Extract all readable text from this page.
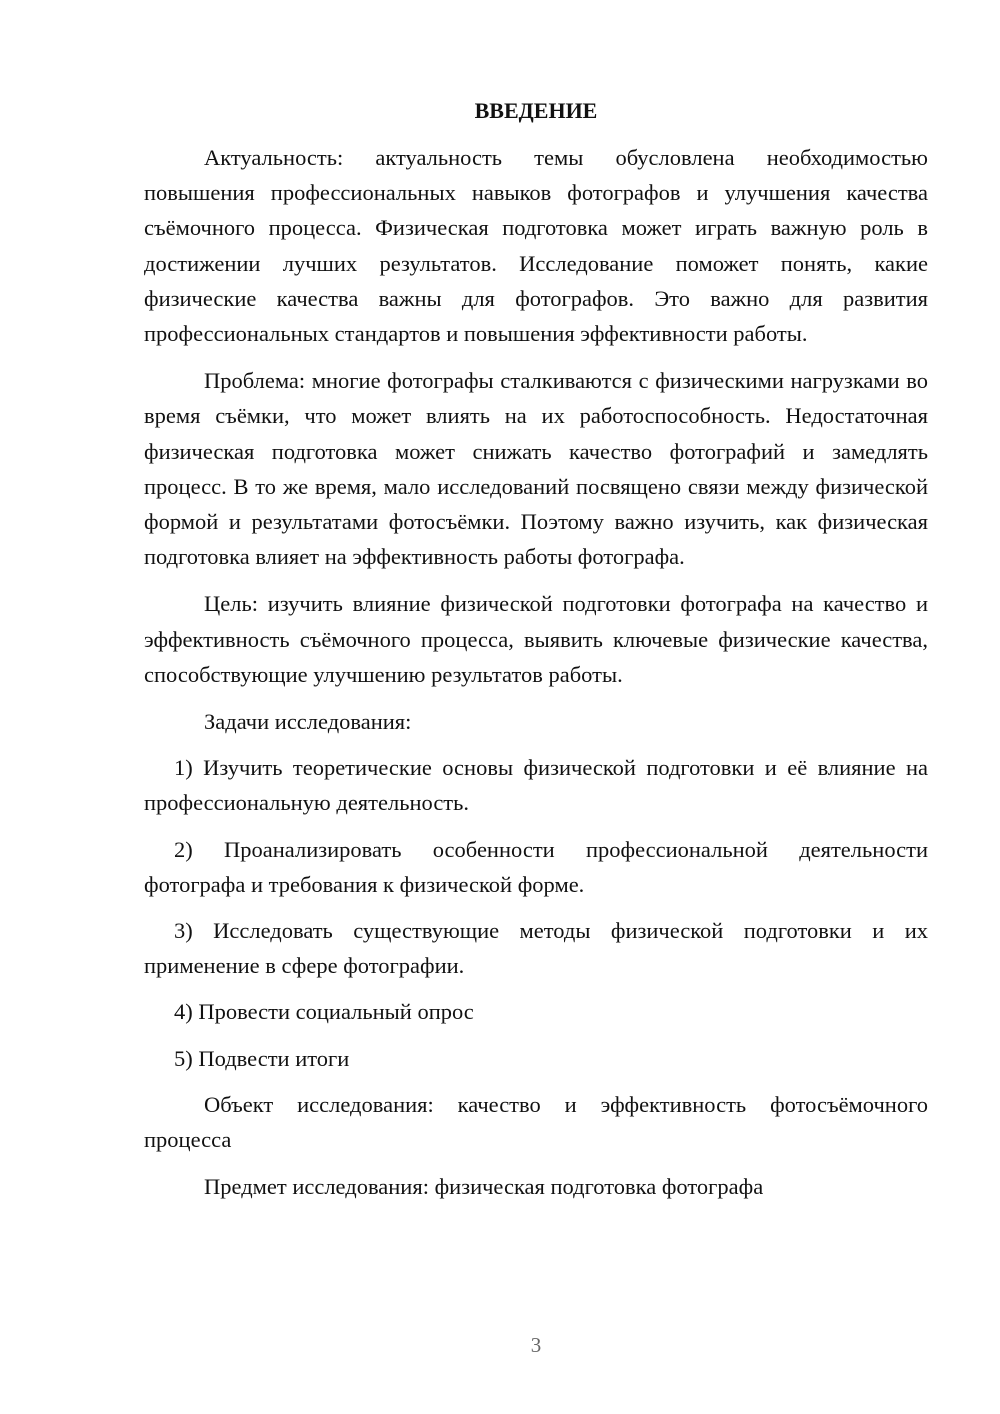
ВВЕДЕНИЕ

Актуальность: актуальность темы обусловлена необходимостью повышения профессиональных навыков фотографов и улучшения качества съёмочного процесса. Физическая подготовка может играть важную роль в достижении лучших результатов. Исследование поможет понять, какие физические качества важны для фотографов. Это важно для развития профессиональных стандартов и повышения эффективности работы.

Проблема: многие фотографы сталкиваются с физическими нагрузками во время съёмки, что может влиять на их работоспособность. Недостаточная физическая подготовка может снижать качество фотографий и замедлять процесс. В то же время, мало исследований посвящено связи между физической формой и результатами фотосъёмки. Поэтому важно изучить, как физическая подготовка влияет на эффективность работы фотографа.

Цель: изучить влияние физической подготовки фотографа на качество и эффективность съёмочного процесса, выявить ключевые физические качества, способствующие улучшению результатов работы.

Задачи исследования:

1) Изучить теоретические основы физической подготовки и её влияние на профессиональную деятельность.

2) Проанализировать особенности профессиональной деятельности фотографа и требования к физической форме.

3) Исследовать существующие методы физической подготовки и их применение в сфере фотографии.

4) Провести социальный опрос

5) Подвести итоги

Объект исследования: качество и эффективность фотосъёмочного процесса

Предмет исследования: физическая подготовка фотографа

3
